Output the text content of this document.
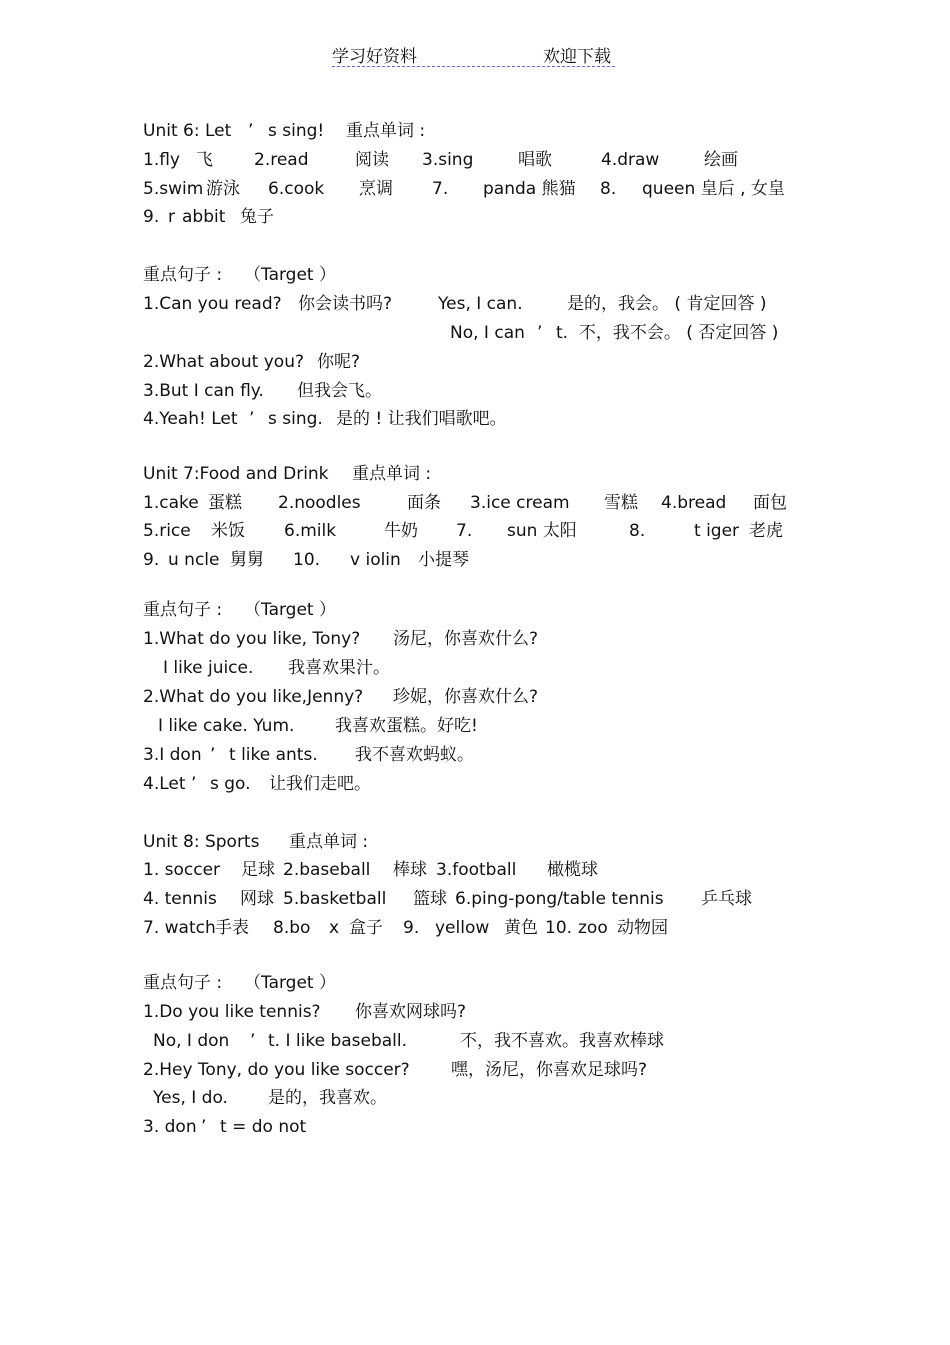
学习好资料	欢迎下载
Unit 6: Let ’ s sing! 重点单词 :
1.fly 飞 2.read	阅读 3.sing	唱歌	4.draw	绘画
5.swim 游泳 6.cook 烹调 7. panda 熊猫 8. queen 皇后 , 女皇
9. r abbit 兔子
重点句子 : （Target ）
1.Can you read? 你会读书吗?	Yes, I can.	是的，我会。 ( 肯定回答 )
No, I can ’ t.  不，我不会。 ( 否定回答 )
2.What about you? 你呢?
3.But I can fly. 但我会飞。
4.Yeah! Let ’ s sing. 是的 ! 让我们唱歌吧。
Unit 7:Food and Drink 重点单词 :
1.cake 蛋糕 2.noodles	面条 3.ice cream 雪糕 4.bread 面包
5.rice 米饭 6.milk	牛奶 7. sun 太阳	8.	t iger 老虎
9. u ncle 舅舅 10. v iolin 小提琴
重点句子 : （Target ）
1.What do you like, Tony? 汤尼，你喜欢什么?
I like juice. 我喜欢果汁。
2.What do you like,Jenny? 珍妮，你喜欢什么?
I like cake. Yum. 我喜欢蛋糕。好吃!
3.I don ’ t like ants. 我不喜欢蚂蚁。
4.Let ’ s go. 让我们走吧。
Unit 8: Sports 重点单词 :
1. soccer 足球 2.baseball 棒球 3.football 橄榄球
4. tennis 网球 5.basketball 篮球 6.ping-pong/table tennis 乒乓球
7. watch 手表 8.bo x 盒子 9. yellow 黄色 10. zoo 动物园
重点句子 : （Target ）
1.Do you like tennis? 你喜欢网球吗?
No, I don ’ t. I like baseball.	不，我不喜欢。我喜欢棒球
2.Hey Tony, do you like soccer? 嘿，汤尼，你喜欢足球吗?
Yes, I do. 是的，我喜欢。
3. don ’ t = do not
